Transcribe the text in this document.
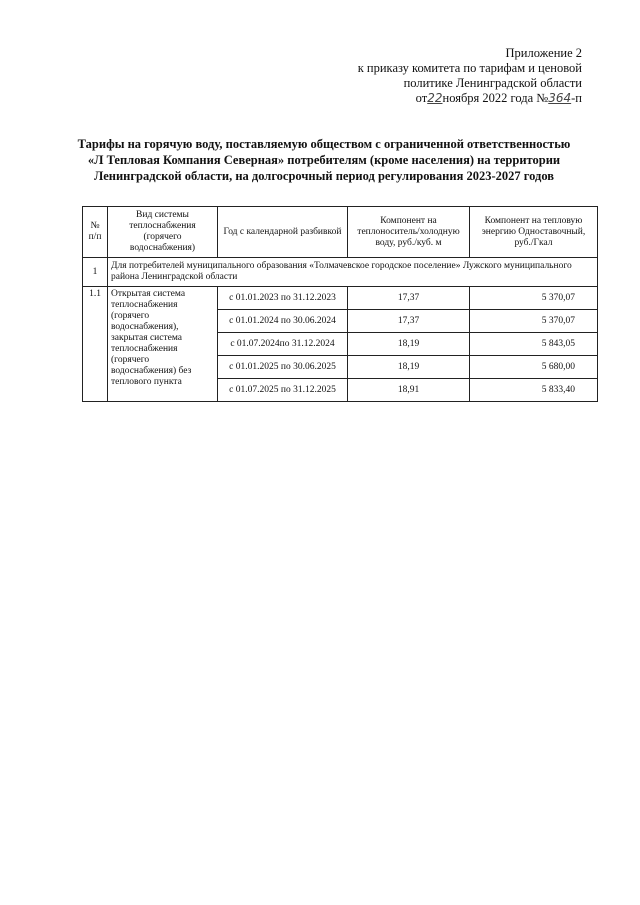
Приложение 2
к приказу комитета по тарифам и ценовой
политике Ленинградской области
от22ноября 2022 года №364-п
Тарифы на горячую воду, поставляемую обществом с ограниченной ответственностью «Л Тепловая Компания Северная» потребителям (кроме населения) на территории Ленинградской области, на долгосрочный период регулирования 2023-2027 годов
№ п/п	Вид системы теплоснабжения (горячего водоснабжения)	Год с календарной разбивкой	Компонент на теплоноситель/холодную воду, руб./куб. м	Компонент на тепловую энергию Одноставочный, руб./Гкал
1	Для потребителей муниципального образования «Толмачевское городское поселение» Лужского муниципального района Ленинградской области			
1.1	Открытая система теплоснабжения (горячего водоснабжения), закрытая система теплоснабжения (горячего водоснабжения) без теплового пункта	с 01.01.2023 по 31.12.2023	17,37	5 370,07
		с 01.01.2024 по 30.06.2024	17,37	5 370,07
		с 01.07.2024по 31.12.2024	18,19	5 843,05
		с 01.01.2025 по 30.06.2025	18,19	5 680,00
		с 01.07.2025 по 31.12.2025	18,91	5 833,40
